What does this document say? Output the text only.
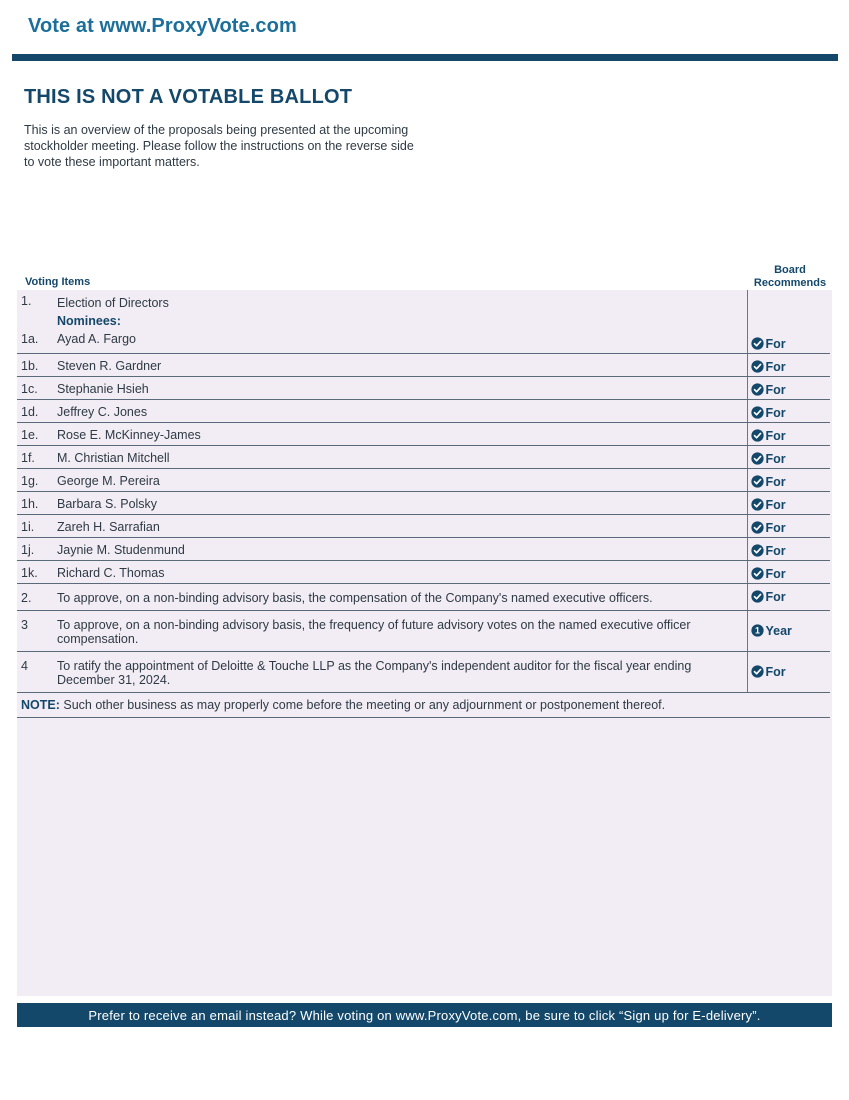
Vote at www.ProxyVote.com
THIS IS NOT A VOTABLE BALLOT

This is an overview of the proposals being presented at the upcoming stockholder meeting. Please follow the instructions on the reverse side to vote these important matters.

Voting Items
Board
Recommends
1.	Election of Directors
Nominees:	

1a.	Ayad A. Fargo	For

1b.	Steven R. Gardner	For

1c.	Stephanie Hsieh	For

1d.	Jeffrey C. Jones	For

1e.	Rose E. McKinney-James	For

1f.	M. Christian Mitchell	For

1g.	George M. Pereira	For

1h.	Barbara S. Polsky	For

1i.	Zareh H. Sarrafian	For

1j.	Jaynie M. Studenmund	For

1k.	Richard C. Thomas	For

2.	To approve, on a non-binding advisory basis, the compensation of the Company's named executive officers.	For

3	To approve, on a non-binding advisory basis, the frequency of future advisory votes on the named executive officer compensation.	1 Year

4	To ratify the appointment of Deloitte & Touche LLP as the Company's independent auditor for the fiscal year ending December 31, 2024.	For

NOTE: Such other business as may properly come before the meeting or any adjournment or postponement thereof.		
Prefer to receive an email instead? While voting on www.ProxyVote.com, be sure to click “Sign up for E-delivery”.
